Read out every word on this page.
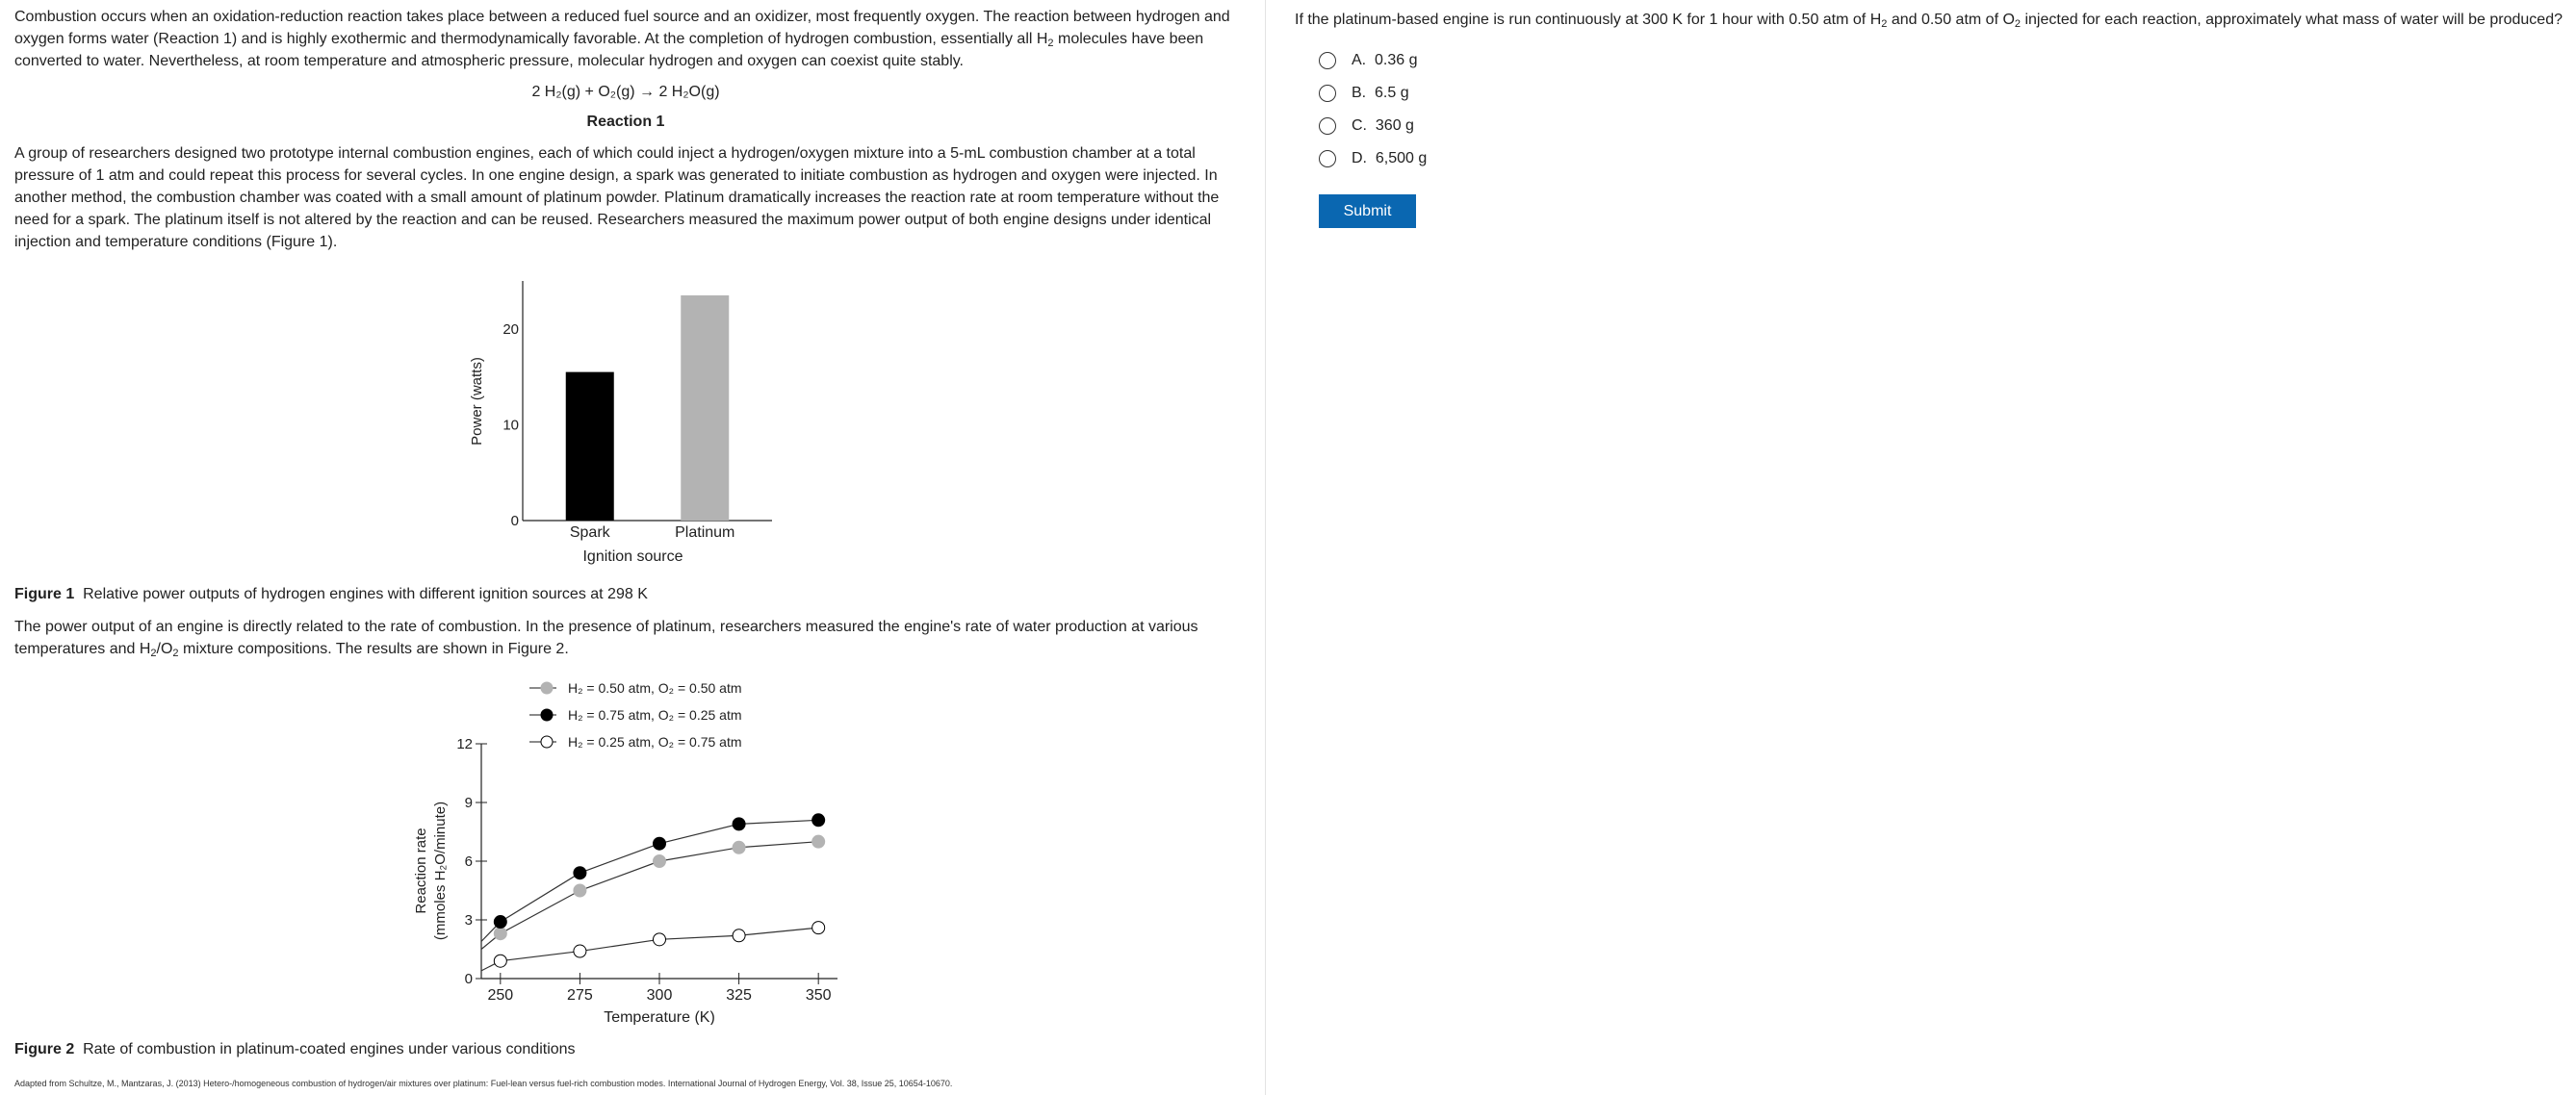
Combustion occurs when an oxidation-reduction reaction takes place between a reduced fuel source and an oxidizer, most frequently oxygen. The reaction between hydrogen and oxygen forms water (Reaction 1) and is highly exothermic and thermodynamically favorable. At the completion of hydrogen combustion, essentially all $H_2$ molecules have been converted to water. Nevertheless, at room temperature and atmospheric pressure, molecular hydrogen and oxygen can coexist quite stably.

2 H₂(g) + O₂(g) → 2 H₂O(g)
Reaction 1

A group of researchers designed two prototype internal combustion engines, each of which could inject a hydrogen/oxygen mixture into a 5-mL combustion chamber at a total pressure of 1 atm and could repeat this process for several cycles. In one engine design, a spark was generated to initiate combustion as hydrogen and oxygen were injected. In another method, the combustion chamber was coated with a small amount of platinum powder. Platinum dramatically increases the reaction rate at room temperature without the need for a spark. The platinum itself is not altered by the reaction and can be reused. Researchers measured the maximum power output of both engine designs under identical injection and temperature conditions (Figure 1).

0
10
20
Spark	Platinum
Ignition source
Power (watts)
Figure 1 Relative power outputs of hydrogen engines with different ignition sources at 298 K

The power output of an engine is directly related to the rate of combustion. In the presence of platinum, researchers measured the engine's rate of water production at various temperatures and $H_2/O_2$ mixture compositions. The results are shown in Figure 2.

H₂ = 0.50 atm, O₂ = 0.50 atm
H₂ = 0.75 atm, O₂ = 0.25 atm
H₂ = 0.25 atm, O₂ = 0.75 atm
0
3
6
9
12
250	275	300	325	350
Temperature (K)
Reaction rate (mmoles H₂O/minute)
Figure 2 Rate of combustion in platinum-coated engines under various conditions
Adapted from Schultze, M., Mantzaras, J. (2013) Hetero-/homogeneous combustion of hydrogen/air mixtures over platinum: Fuel-lean versus fuel-rich combustion modes. International Journal of Hydrogen Energy, Vol. 38, Issue 25, 10654-10670.

If the platinum-based engine is run continuously at 300 K for 1 hour with 0.50 atm of $H_2$ and 0.50 atm of $O_2$ injected for each reaction, approximately what mass of water will be produced?

A. 0.36 g
B. 6.5 g
C. 360 g
D. 6,500 g
Submit
